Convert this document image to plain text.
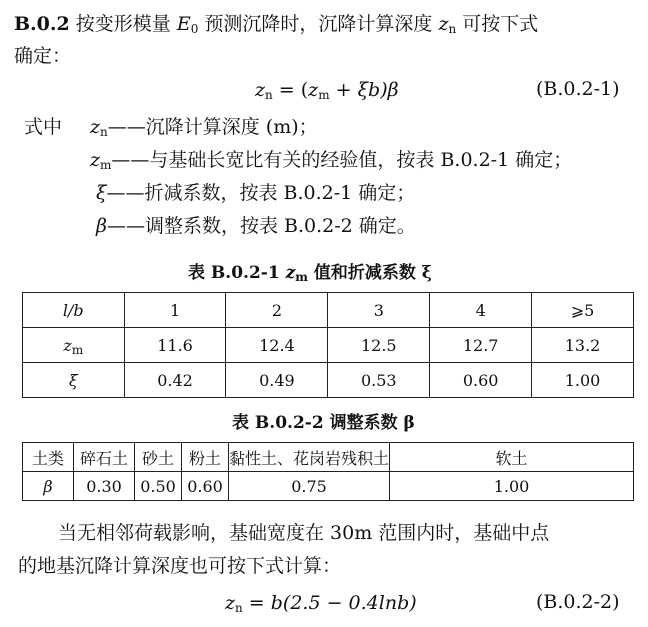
B.0.2 按变形模量 $E_0$ 预测沉降时，沉降计算深度 $z_n$ 可按下式
确定：
$z_n = (z_m + \xi b)\beta$	(B.0.2-1)
式中 $z_n——$沉降计算深度 (m)；
$z_m——$与基础长宽比有关的经验值，按表 B.0.2-1 确定；
ξ——折减系数，按表 B.0.2-1 确定；
β——调整系数，按表 B.0.2-2 确定。
表 B.0.2-1 $z_m$ 值和折减系数 ξ
l/b	1	2	3	4	⩾5
$z_m$	11.6	12.4	12.5	12.7	13.2
ξ	0.42	0.49	0.53	0.60	1.00
表 B.0.2-2 调整系数 β
土类	碎石土	砂土	粉土	黏性土、花岗岩残积土	软土
β	0.30	0.50	0.60	0.75	1.00
当无相邻荷载影响，基础宽度在 30m 范围内时，基础中点
的地基沉降计算深度也可按下式计算：
$z_n = b(2.5 - 0.4\ln b)$	(B.0.2-2)
